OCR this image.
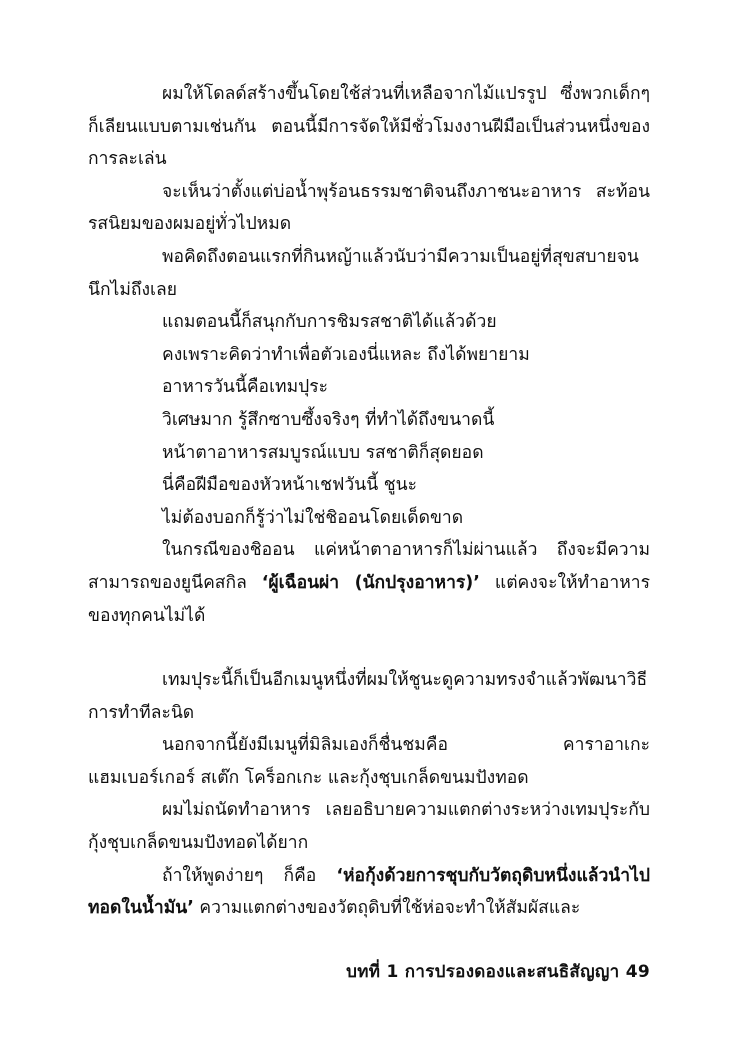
ผมให้โดลด์สร้างขึ้นโดยใช้ส่วนที่เหลือจากไม้แปรรูป ซึ่งพวกเด็กๆ ก็เลียนแบบตามเช่นกัน ตอนนี้มีการจัดให้มีชั่วโมงงานฝีมือเป็นส่วนหนึ่งของการละเล่น

จะเห็นว่าตั้งแต่บ่อน้ำพุร้อนธรรมชาติจนถึงภาชนะอาหาร สะท้อนรสนิยมของผมอยู่ทั่วไปหมด

พอคิดถึงตอนแรกที่กินหญ้าแล้วนับว่ามีความเป็นอยู่ที่สุขสบายจนนึกไม่ถึงเลย

แถมตอนนี้ก็สนุกกับการชิมรสชาติได้แล้วด้วย

คงเพราะคิดว่าทำเพื่อตัวเองนี่แหละ ถึงได้พยายาม

อาหารวันนี้คือเทมปุระ

วิเศษมาก รู้สึกซาบซึ้งจริงๆ ที่ทำได้ถึงขนาดนี้

หน้าตาอาหารสมบูรณ์แบบ รสชาติก็สุดยอด

นี่คือฝีมือของหัวหน้าเชฟวันนี้ ชูนะ

ไม่ต้องบอกก็รู้ว่าไม่ใช่ชิออนโดยเด็ดขาด

ในกรณีของชิออน แค่หน้าตาอาหารก็ไม่ผ่านแล้ว ถึงจะมีความสามารถของยูนีคสกิล ‘ผู้เฉือนผ่า (นักปรุงอาหาร)’ แต่คงจะให้ทำอาหารของทุกคนไม่ได้

เทมปุระนี้ก็เป็นอีกเมนูหนึ่งที่ผมให้ชูนะดูความทรงจำแล้วพัฒนาวิธีการทำทีละนิด

นอกจากนี้ยังมีเมนูที่มิลิมเองก็ชื่นชมคือ คาราอาเกะ แฮมเบอร์เกอร์ สเต๊ก โคร็อกเกะ และกุ้งชุบเกล็ดขนมปังทอด

ผมไม่ถนัดทำอาหาร เลยอธิบายความแตกต่างระหว่างเทมปุระกับกุ้งชุบเกล็ดขนมปังทอดได้ยาก

ถ้าให้พูดง่ายๆ ก็คือ ‘ห่อกุ้งด้วยการชุบกับวัตถุดิบหนึ่งแล้วนำไปทอดในน้ำมัน’ ความแตกต่างของวัตถุดิบที่ใช้ห่อจะทำให้สัมผัสและ

บทที่ 1 การปรองดองและสนธิสัญญา 49
